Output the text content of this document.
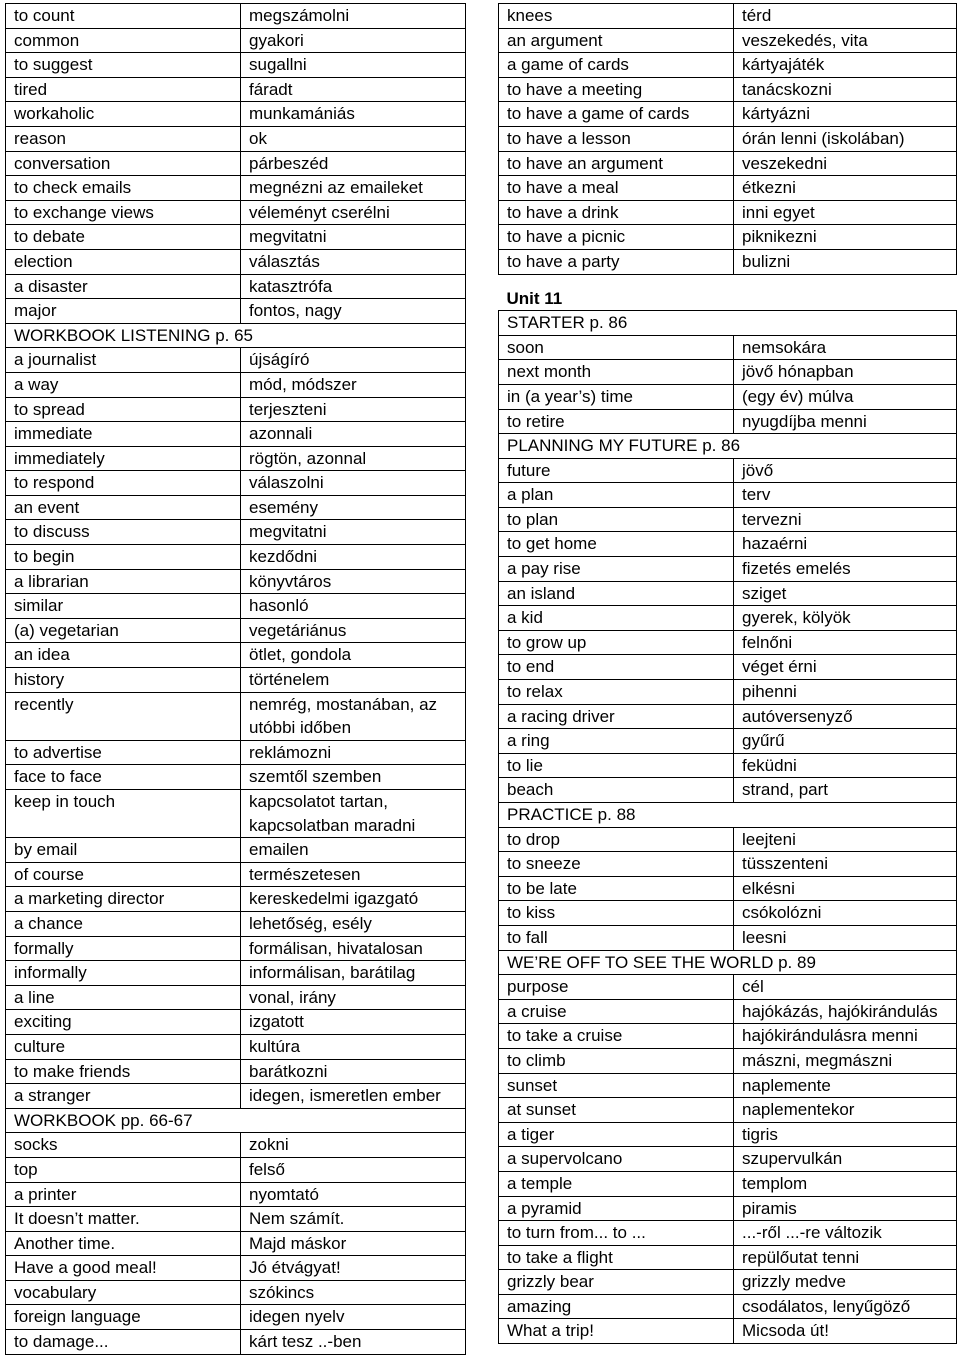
to count	megszámolni
common	gyakori
to suggest	sugallni
tired	fáradt
workaholic	munkamániás
reason	ok
conversation	párbeszéd
to check emails	megnézni az emaileket
to exchange views	véleményt cserélni
to debate	megvitatni
election	választás
a disaster	katasztrófa
major	fontos, nagy
WORKBOOK LISTENING p. 65	
a journalist	újságíró
a way	mód, módszer
to spread	terjeszteni
immediate	azonnali
immediately	rögtön, azonnal
to respond	válaszolni
an event	esemény
to discuss	megvitatni
to begin	kezdődni
a librarian	könyvtáros
similar	hasonló
(a) vegetarian	vegetáriánus
an idea	ötlet, gondola
history	történelem
recently	nemrég, mostanában, az utóbbi időben
to advertise	reklámozni
face to face	szemtől szemben
keep in touch	kapcsolatot tartan, kapcsolatban maradni
by email	emailen
of course	természetesen
a marketing director	kereskedelmi igazgató
a chance	lehetőség, esély
formally	formálisan, hivatalosan
informally	informálisan, barátilag
a line	vonal, irány
exciting	izgatott
culture	kultúra
to make friends	barátkozni
a stranger	idegen, ismeretlen ember
WORKBOOK pp. 66-67	
socks	zokni
top	felső
a printer	nyomtató
It doesn’t matter.	Nem számít.
Another time.	Majd máskor
Have a good meal!	Jó étvágyat!
vocabulary	szókincs
foreign language	idegen nyelv
to damage...	kárt tesz ..-ben
knees	térd
an argument	veszekedés, vita
a game of cards	kártyajáték
to have a meeting	tanácskozni
to have a game of cards	kártyázni
to have a lesson	órán lenni (iskolában)
to have an argument	veszekedni
to have a meal	étkezni
to have a drink	inni egyet
to have a picnic	piknikezni
to have a party	bulizni
Unit 11	
STARTER p. 86	
soon	nemsokára
next month	jövő hónapban
in (a year’s) time	(egy év) múlva
to retire	nyugdíjba menni
PLANNING MY FUTURE p. 86	
future	jövő
a plan	terv
to plan	tervezni
to get home	hazaérni
a pay rise	fizetés emelés
an island	sziget
a kid	gyerek, kölyök
to grow up	felnőni
to end	véget érni
to relax	pihenni
a racing driver	autóversenyző
a ring	gyűrű
to lie	feküdni
beach	strand, part
PRACTICE p. 88	
to drop	leejteni
to sneeze	tüsszenteni
to be late	elkésni
to kiss	csókolózni
to fall	leesni
WE’RE OFF TO SEE THE WORLD p. 89	
purpose	cél
a cruise	hajókázás, hajókirándulás
to take a cruise	hajókirándulásra menni
to climb	mászni, megmászni
sunset	naplemente
at sunset	naplementekor
a tiger	tigris
a supervolcano	szupervulkán
a temple	templom
a pyramid	piramis
to turn from... to ...	...-ről ...-re változik
to take a flight	repülőutat tenni
grizzly bear	grizzly medve
amazing	csodálatos, lenyűgöző
What a trip!	Micsoda út!
